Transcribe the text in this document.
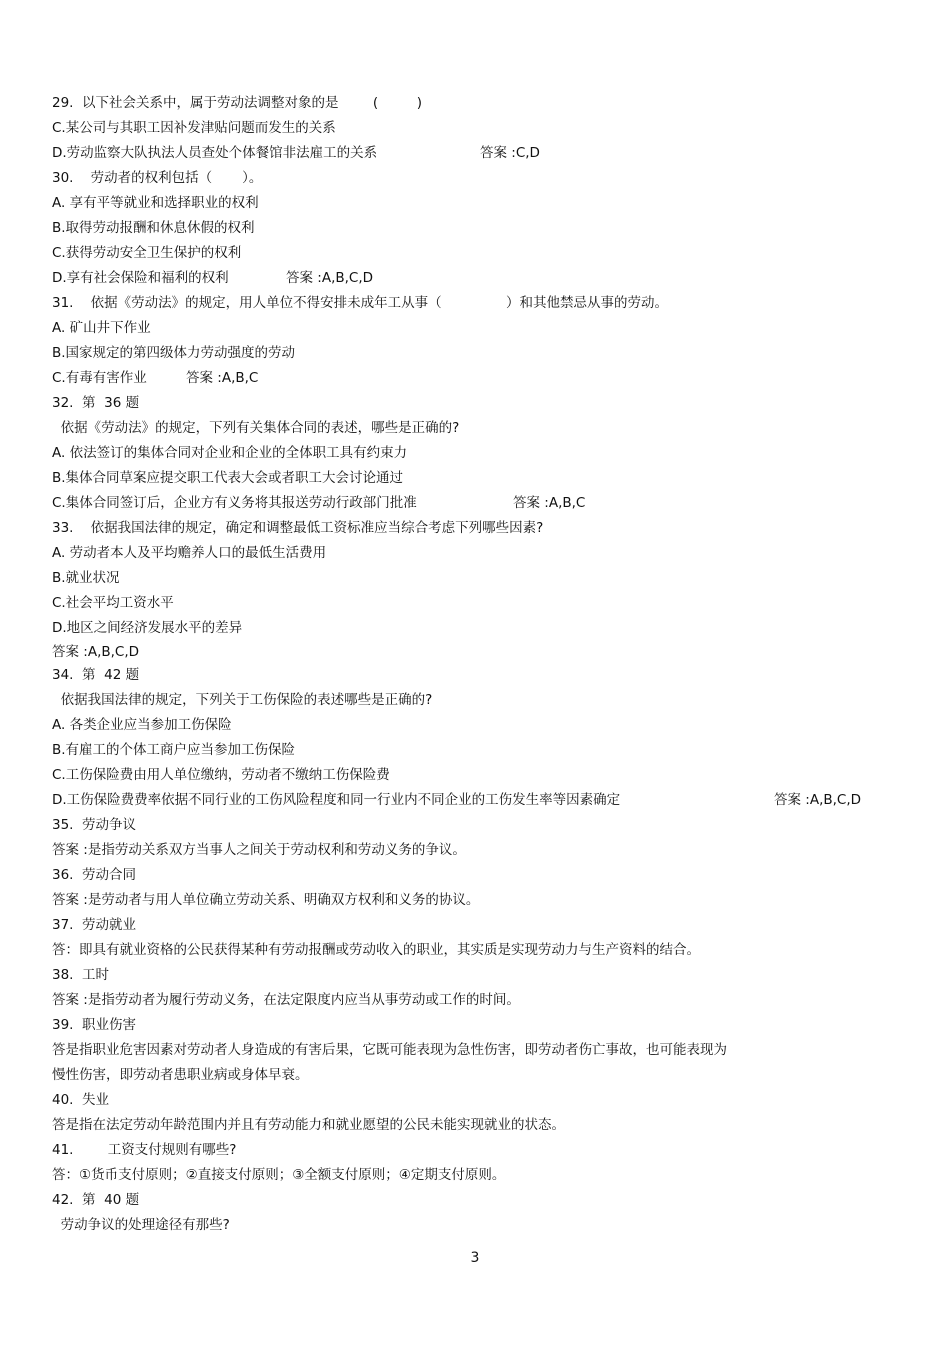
29.  以下社会关系中，属于劳动法调整对象的是        (         )
C.某公司与其职工因补发津贴问题而发生的关系
D.劳动监察大队执法人员查处个体餐馆非法雇工的关系	答案 :C,D
30.    劳动者的权利包括（       ）。
A. 享有平等就业和选择职业的权利
B.取得劳动报酬和休息休假的权利
C.获得劳动安全卫生保护的权利
D.享有社会保险和福利的权利	答案 :A,B,C,D
31.    依据《劳动法》的规定，用人单位不得安排未成年工从事（               ）和其他禁忌从事的劳动。
A. 矿山井下作业
B.国家规定的第四级体力劳动强度的劳动
C.有毒有害作业	答案 :A,B,C
32.  第  36 题
依据《劳动法》的规定，下列有关集体合同的表述，哪些是正确的?
A. 依法签订的集体合同对企业和企业的全体职工具有约束力
B.集体合同草案应提交职工代表大会或者职工大会讨论通过
C.集体合同签订后，企业方有义务将其报送劳动行政部门批准	答案 :A,B,C
33.    依据我国法律的规定，确定和调整最低工资标准应当综合考虑下列哪些因素?
A. 劳动者本人及平均赡养人口的最低生活费用
B.就业状况
C.社会平均工资水平
D.地区之间经济发展水平的差异
答案 :A,B,C,D
34.  第  42 题
依据我国法律的规定，下列关于工伤保险的表述哪些是正确的?
A. 各类企业应当参加工伤保险
B.有雇工的个体工商户应当参加工伤保险
C.工伤保险费由用人单位缴纳，劳动者不缴纳工伤保险费
D.工伤保险费费率依据不同行业的工伤风险程度和同一行业内不同企业的工伤发生率等因素确定	答案 :A,B,C,D
35.  劳动争议
答案 :是指劳动关系双方当事人之间关于劳动权利和劳动义务的争议。
36.  劳动合同
答案 :是劳动者与用人单位确立劳动关系、明确双方权利和义务的协议。
37.  劳动就业
答：即具有就业资格的公民获得某种有劳动报酬或劳动收入的职业，其实质是实现劳动力与生产资料的结合。
38.  工时
答案 :是指劳动者为履行劳动义务，在法定限度内应当从事劳动或工作的时间。
39.  职业伤害
答是指职业危害因素对劳动者人身造成的有害后果，它既可能表现为急性伤害，即劳动者伤亡事故，也可能表现为
慢性伤害，即劳动者患职业病或身体早衰。
40.  失业
答是指在法定劳动年龄范围内并且有劳动能力和就业愿望的公民未能实现就业的状态。
41.        工资支付规则有哪些?
答：①货币支付原则；②直接支付原则；③全额支付原则；④定期支付原则。
42.  第  40 题
劳动争议的处理途径有那些?
3
